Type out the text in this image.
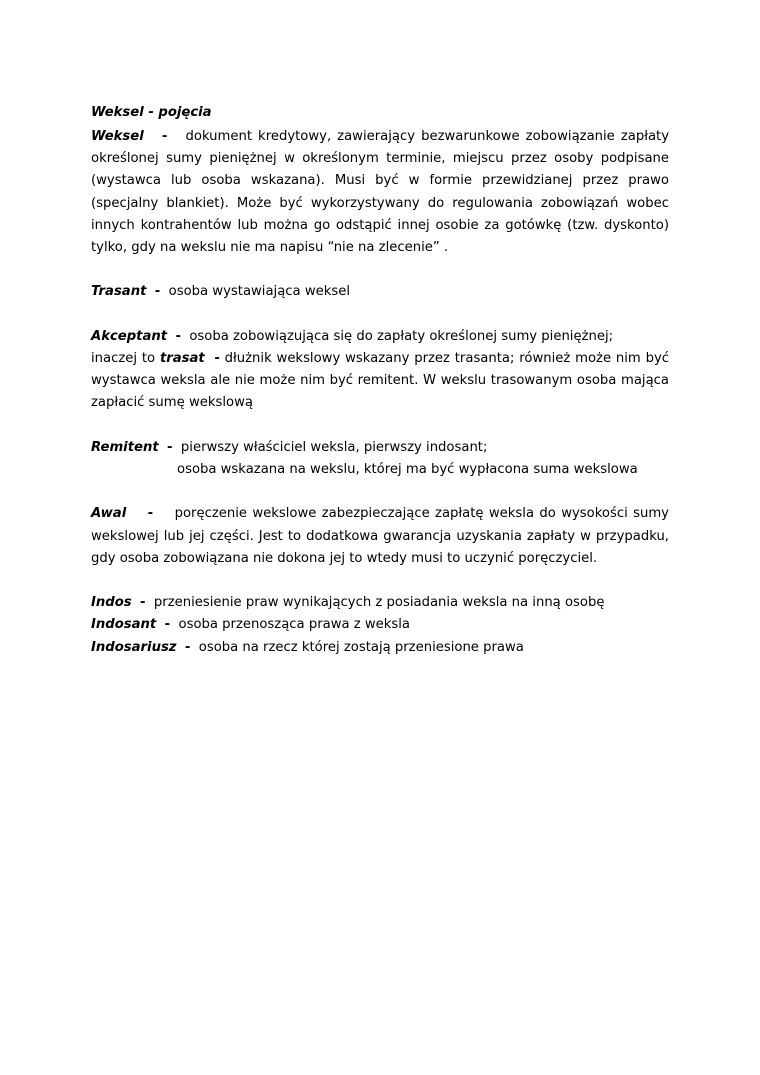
Weksel - pojęcia

Weksel - dokument kredytowy, zawierający bezwarunkowe zobowiązanie zapłaty określonej sumy pieniężnej w określonym terminie, miejscu przez osoby podpisane (wystawca lub osoba wskazana). Musi być w formie przewidzianej przez prawo (specjalny blankiet). Może być wykorzystywany do regulowania zobowiązań wobec innych kontrahentów lub można go odstąpić innej osobie za gotówkę (tzw. dyskonto) tylko, gdy na wekslu nie ma napisu “nie na zlecenie” .

Trasant - osoba wystawiająca weksel

Akceptant - osoba zobowiązująca się do zapłaty określonej sumy pieniężnej;

inaczej to trasat - dłużnik wekslowy wskazany przez trasanta; również może nim być wystawca weksla ale nie może nim być remitent. W wekslu trasowanym osoba mająca zapłacić sumę wekslową

Remitent - pierwszy właściciel weksla, pierwszy indosant;

osoba wskazana na wekslu, której ma być wypłacona suma wekslowa

Awal - poręczenie wekslowe zabezpieczające zapłatę weksla do wysokości sumy wekslowej lub jej części. Jest to dodatkowa gwarancja uzyskania zapłaty w przypadku, gdy osoba zobowiązana nie dokona jej to wtedy musi to uczynić poręczyciel.

Indos - przeniesienie praw wynikających z posiadania weksla na inną osobę

Indosant - osoba przenosząca prawa z weksla

Indosariusz - osoba na rzecz której zostają przeniesione prawa
